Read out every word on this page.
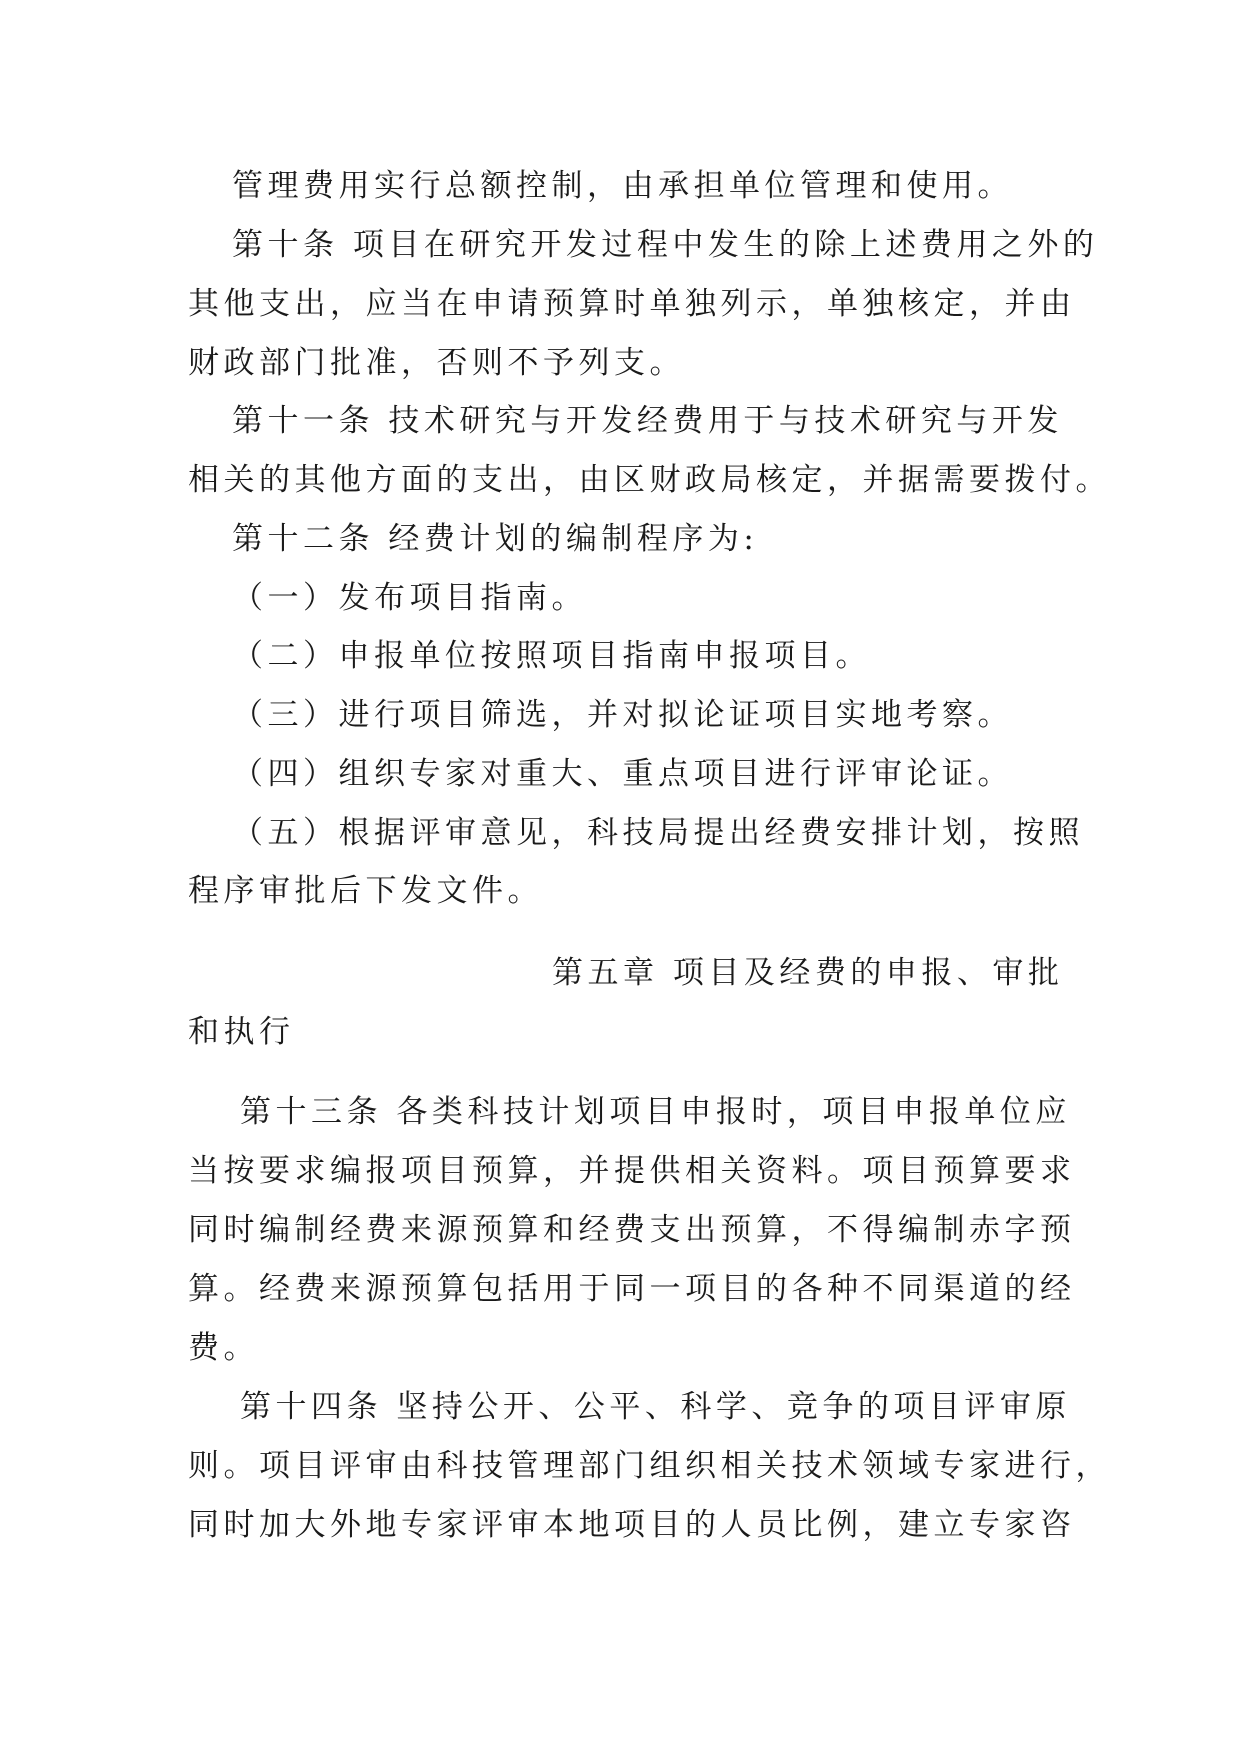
管理费用实行总额控制，由承担单位管理和使用。
第十条 项目在研究开发过程中发生的除上述费用之外的
其他支出，应当在申请预算时单独列示，单独核定，并由
财政部门批准，否则不予列支。
第十一条 技术研究与开发经费用于与技术研究与开发
相关的其他方面的支出，由区财政局核定，并据需要拨付。
第十二条 经费计划的编制程序为:
（一）发布项目指南。
（二）申报单位按照项目指南申报项目。
（三）进行项目筛选，并对拟论证项目实地考察。
（四）组织专家对重大、重点项目进行评审论证。
（五）根据评审意见，科技局提出经费安排计划，按照
程序审批后下发文件。
第五章 项目及经费的申报、审批
和执行
第十三条 各类科技计划项目申报时，项目申报单位应
当按要求编报项目预算，并提供相关资料。项目预算要求
同时编制经费来源预算和经费支出预算，不得编制赤字预
算。经费来源预算包括用于同一项目的各种不同渠道的经
费。
第十四条 坚持公开、公平、科学、竞争的项目评审原
则。项目评审由科技管理部门组织相关技术领域专家进行，
同时加大外地专家评审本地项目的人员比例，建立专家咨
